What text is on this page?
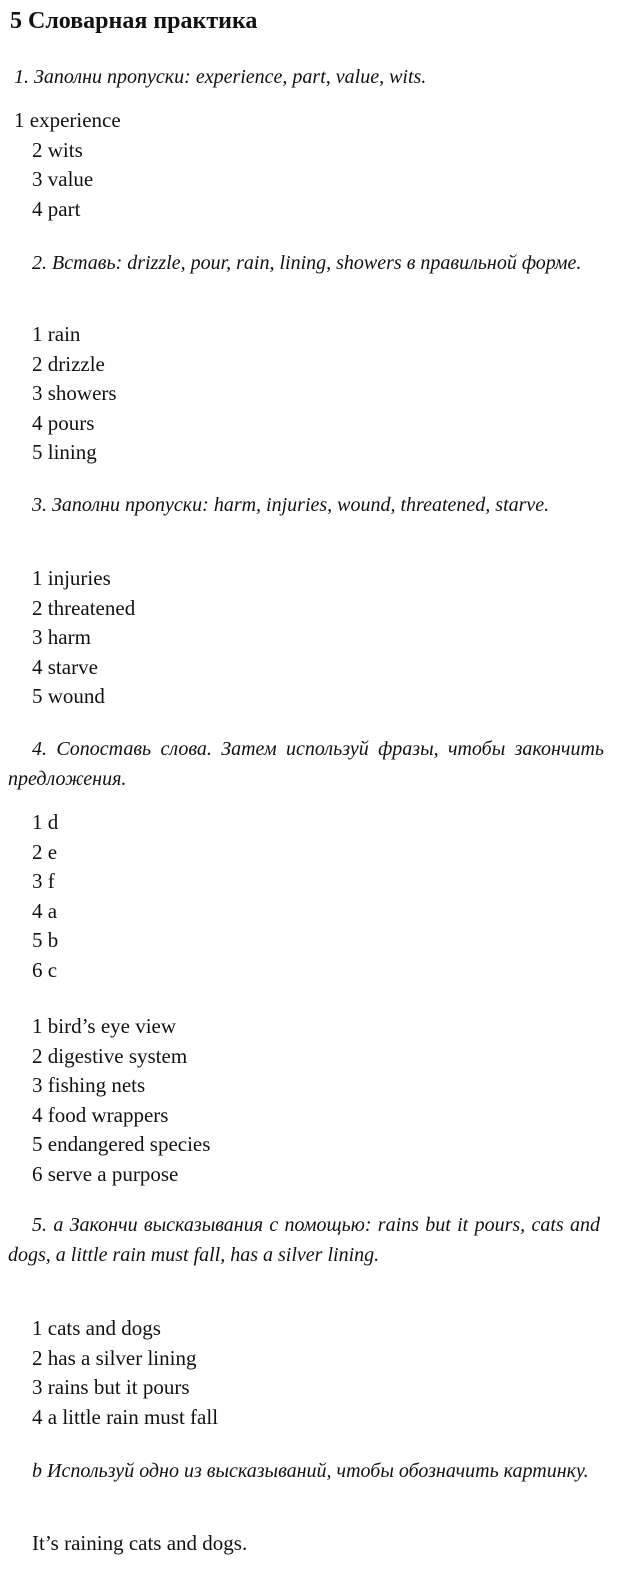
5 Словарная практика
1. Заполни пропуски: experience, part, value, wits.
1 experience
2 wits
3 value
4 part
2. Вставь: drizzle, pour, rain, lining, showers в правильной форме.
1 rain
2 drizzle
3 showers
4 pours
5 lining
3. Заполни пропуски: harm, injuries, wound, threatened, starve.
1 injuries
2 threatened
3 harm
4 starve
5 wound
4. Сопоставь слова. Затем используй фразы, чтобы закончить предложения.
1 d
2 e
3 f
4 a
5 b
6 c
1 bird’s eye view
2 digestive system
3 fishing nets
4 food wrappers
5 endangered species
6 serve a purpose
5. a Закончи высказывания с помощью: rains but it pours, cats and dogs, a little rain must fall, has a silver lining.
1 cats and dogs
2 has a silver lining
3 rains but it pours
4 a little rain must fall
b Используй одно из высказываний, чтобы обозначить картинку.
It’s raining cats and dogs.
